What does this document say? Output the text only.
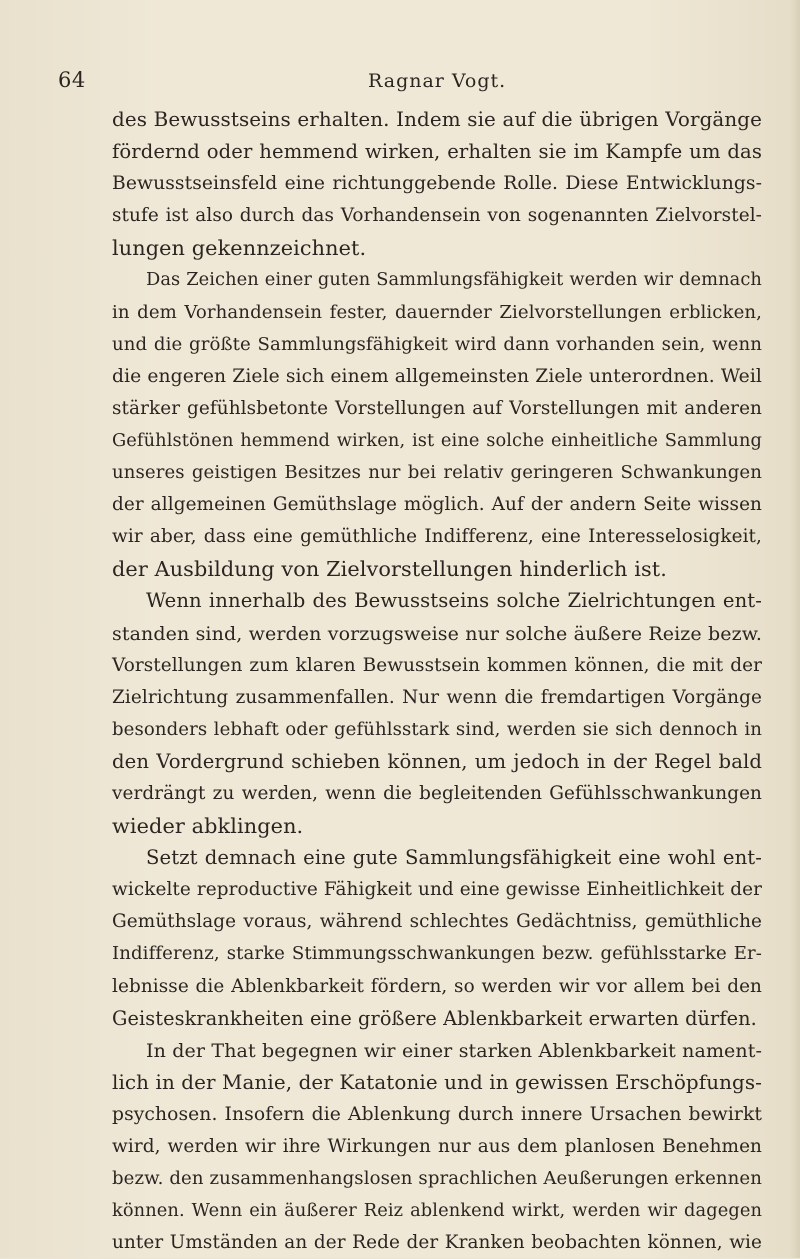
64	Ragnar Vogt.
des Bewusstseins erhalten. Indem sie auf die übrigen Vorgänge
fördernd oder hemmend wirken, erhalten sie im Kampfe um das
Bewusstseinsfeld eine richtunggebende Rolle. Diese Entwicklungs-
stufe ist also durch das Vorhandensein von sogenannten Zielvorstel-
lungen gekennzeichnet.
Das Zeichen einer guten Sammlungsfähigkeit werden wir demnach
in dem Vorhandensein fester, dauernder Zielvorstellungen erblicken,
und die größte Sammlungsfähigkeit wird dann vorhanden sein, wenn
die engeren Ziele sich einem allgemeinsten Ziele unterordnen. Weil
stärker gefühlsbetonte Vorstellungen auf Vorstellungen mit anderen
Gefühlstönen hemmend wirken, ist eine solche einheitliche Sammlung
unseres geistigen Besitzes nur bei relativ geringeren Schwankungen
der allgemeinen Gemüthslage möglich. Auf der andern Seite wissen
wir aber, dass eine gemüthliche Indifferenz, eine Interesselosigkeit,
der Ausbildung von Zielvorstellungen hinderlich ist.
Wenn innerhalb des Bewusstseins solche Zielrichtungen ent-
standen sind, werden vorzugsweise nur solche äußere Reize bezw.
Vorstellungen zum klaren Bewusstsein kommen können, die mit der
Zielrichtung zusammenfallen. Nur wenn die fremdartigen Vorgänge
besonders lebhaft oder gefühlsstark sind, werden sie sich dennoch in
den Vordergrund schieben können, um jedoch in der Regel bald
verdrängt zu werden, wenn die begleitenden Gefühlsschwankungen
wieder abklingen.
Setzt demnach eine gute Sammlungsfähigkeit eine wohl ent-
wickelte reproductive Fähigkeit und eine gewisse Einheitlichkeit der
Gemüthslage voraus, während schlechtes Gedächtniss, gemüthliche
Indifferenz, starke Stimmungsschwankungen bezw. gefühlsstarke Er-
lebnisse die Ablenkbarkeit fördern, so werden wir vor allem bei den
Geisteskrankheiten eine größere Ablenkbarkeit erwarten dürfen.
In der That begegnen wir einer starken Ablenkbarkeit nament-
lich in der Manie, der Katatonie und in gewissen Erschöpfungs-
psychosen. Insofern die Ablenkung durch innere Ursachen bewirkt
wird, werden wir ihre Wirkungen nur aus dem planlosen Benehmen
bezw. den zusammenhangslosen sprachlichen Aeußerungen erkennen
können. Wenn ein äußerer Reiz ablenkend wirkt, werden wir dagegen
unter Umständen an der Rede der Kranken beobachten können, wie
